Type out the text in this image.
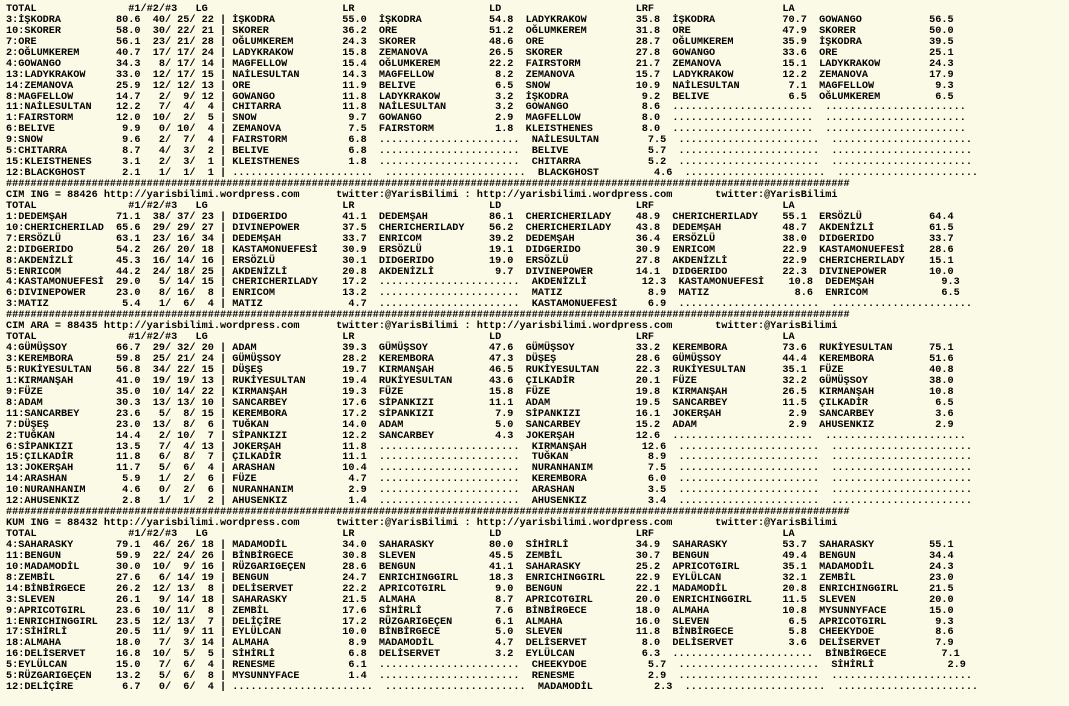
TOTAL               #1/#2/#3   LG                      LR                      LD                      LRF                     LA
3:İŞKODRA         80.6  40/ 25/ 22 | İŞKODRA           55.0  İŞKODRA           54.8  LADYKRAKOW        35.8  İŞKODRA           70.7  GOWANGO           56.5
10:SKORER         58.0  30/ 22/ 21 | SKORER            36.2  ORE               51.2  OĞLUMKEREM        31.8  ORE               47.9  SKORER            50.0
7:ORE             56.1  23/ 21/ 28 | OĞLUMKEREM        24.3  SKORER            48.6  ORE               28.7  OĞLUMKEREM        35.9  İŞKODRA           39.5
2:OĞLUMKEREM      40.7  17/ 17/ 24 | LADYKRAKOW        15.8  ZEMANOVA          26.5  SKORER            27.8  GOWANGO           33.6  ORE               25.1
4:GOWANGO         34.3   8/ 17/ 14 | MAGFELLOW         15.4  OĞLUMKEREM        22.2  FAIRSTORM         21.7  ZEMANOVA          15.1  LADYKRAKOW        24.3
13:LADYKRAKOW     33.0  12/ 17/ 15 | NAİLESULTAN       14.3  MAGFELLOW          8.2  ZEMANOVA          15.7  LADYKRAKOW        12.2  ZEMANOVA          17.9
14:ZEMANOVA       25.9  12/ 12/ 13 | ORE               11.9  BELIVE             6.5  SNOW              10.9  NAİLESULTAN        7.1  MAGFELLOW          9.3
8:MAGFELLOW       14.7   2/  9/ 12 | GOWANGO           11.8  LADYKRAKOW         3.2  İŞKODRA            9.2  BELIVE             6.5  OĞLUMKEREM         6.5
11:NAİLESULTAN    12.2   7/  4/  4 | CHITARRA          11.8  NAİLESULTAN        3.2  GOWANGO            8.6  .......................  .......................
1:FAIRSTORM       12.0  10/  2/  5 | SNOW               9.7  GOWANGO            2.9  MAGFELLOW          8.0  .......................  .......................
6:BELIVE           9.9   0/ 10/  4 | ZEMANOVA           7.5  FAIRSTORM          1.8  KLEISTHENES        8.0  .......................  .......................
9:SNOW             9.6   2/  7/  4 | FAIRSTORM          6.8  .......................  NAİLESULTAN        7.5  .......................  .......................
5:CHITARRA         8.7   4/  3/  2 | BELIVE             6.8  .......................  BELIVE             5.7  .......................  .......................
15:KLEISTHENES     3.1   2/  3/  1 | KLEISTHENES        1.8  .......................  CHITARRA           5.2  .......................  .......................
12:BLACKGHOST      2.1   1/  1/  1 | .......................  .......................  BLACKGHOST         4.6  .......................  .......................
##########################################################################################################################################
CIM ING = 88426 http://yarisbilimi.wordpress.com      twitter:@YarisBilimi : http://yarisbilimi.wordpress.com       twitter:@YarisBilimi
TOTAL               #1/#2/#3   LG                      LR                      LD                      LRF                     LA
1:DEDEMŞAH        71.1  38/ 37/ 23 | DIDGERIDO         41.1  DEDEMŞAH          86.1  CHERICHERILADY    48.9  CHERICHERILADY    55.1  ERSÖZLÜ           64.4
10:CHERICHERILAD  65.6  29/ 29/ 27 | DIVINEPOWER       37.5  CHERICHERILADY    56.2  CHERICHERILADY    43.8  DEDEMŞAH          48.7  AKDENİZLİ         61.5
7:ERSÖZLÜ         63.1  23/ 16/ 34 | DEDEMŞAH          33.7  ENRICOM           39.2  DEDEMŞAH          36.4  ERSÖZLÜ           38.0  DIDGERIDO         33.7
2:DIDGERIDO       54.2  26/ 20/ 18 | KASTAMONUEFESİ    30.9  ERSÖZLÜ           19.1  DIDGERIDO         30.9  ENRICOM           22.9  KASTAMONUEFESİ    28.6
8:AKDENİZLİ       45.3  16/ 14/ 16 | ERSÖZLÜ           30.1  DIDGERIDO         19.0  ERSÖZLÜ           27.8  AKDENİZLİ         22.9  CHERICHERILADY    15.1
5:ENRICOM         44.2  24/ 18/ 25 | AKDENİZLİ         20.8  AKDENİZLİ          9.7  DIVINEPOWER       14.1  DIDGERIDO         22.3  DIVINEPOWER       10.0
4:KASTAMONUEFESİ  29.0   5/ 14/ 15 | CHERICHERILADY    17.2  .......................  AKDENİZLİ         12.3  KASTAMONUEFESİ    10.8  DEDEMŞAH           9.3
6:DIVINEPOWER     23.0   8/ 16/  8 | ENRICOM           13.2  .......................  MATIZ              8.9  MATIZ              8.6  ENRICOM            6.5
3:MATIZ            5.4   1/  6/  4 | MATIZ              4.7  .......................  KASTAMONUEFESİ     6.9  .......................  .......................
##########################################################################################################################################
CIM ARA = 88435 http://yarisbilimi.wordpress.com      twitter:@YarisBilimi : http://yarisbilimi.wordpress.com       twitter:@YarisBilimi
TOTAL               #1/#2/#3   LG                      LR                      LD                      LRF                     LA
4:GÜMÜŞSOY        66.7  29/ 32/ 20 | ADAM              39.3  GÜMÜŞSOY          47.6  GÜMÜŞSOY          33.2  KEREMBORA         73.6  RUKİYESULTAN      75.1
3:KEREMBORA       59.8  25/ 21/ 24 | GÜMÜŞSOY          28.2  KEREMBORA         47.3  DÜŞEŞ             28.6  GÜMÜŞSOY          44.4  KEREMBORA         51.6
5:RUKİYESULTAN    56.8  34/ 22/ 15 | DÜŞEŞ             19.7  KIRMANŞAH         46.5  RUKİYESULTAN      22.3  RUKİYESULTAN      35.1  FÜZE              40.8
1:KIRMANŞAH       41.0  19/ 19/ 13 | RUKİYESULTAN      19.4  RUKİYESULTAN      43.6  ÇILKADİR          20.1  FÜZE              32.2  GÜMÜŞSOY          38.0
9:FÜZE            35.0  10/ 14/ 22 | KIRMANŞAH         19.3  FÜZE              15.8  FÜZE              19.8  KIRMANŞAH         26.5  KIRMANŞAH         10.8
8:ADAM            30.3  13/ 13/ 10 | SANCARBEY         17.6  SİPANKIZI         11.1  ADAM              19.5  SANCARBEY         11.5  ÇILKADİR           6.5
11:SANCARBEY      23.6   5/  8/ 15 | KEREMBORA         17.2  SİPANKIZI          7.9  SİPANKIZI         16.1  JOKERŞAH           2.9  SANCARBEY          3.6
7:DÜŞEŞ           23.0  13/  8/  6 | TUĞKAN            14.0  ADAM               5.0  SANCARBEY         15.2  ADAM               2.9  AHUSENKIZ          2.9
2:TUĞKAN          14.4   2/ 10/  7 | SİPANKIZI         12.2  SANCARBEY          4.3  JOKERŞAH          12.6  .......................  .......................
6:SİPANKIZI       13.5   7/  4/ 13 | JOKERŞAH          11.8  .......................  KIRMANŞAH         12.6  .......................  .......................
15:ÇILKADİR       11.8   6/  8/  7 | ÇILKADİR          11.1  .......................  TUĞKAN             8.9  .......................  .......................
13:JOKERŞAH       11.7   5/  6/  4 | ARASHAN           10.4  .......................  NURANHANIM         7.5  .......................  .......................
14:ARASHAN         5.9   1/  2/  6 | FÜZE               4.7  .......................  KEREMBORA          6.0  .......................  .......................
10:NURANHANIM      4.6   0/  2/  6 | NURANHANIM         2.9  .......................  ARASHAN            3.5  .......................  .......................
12:AHUSENKIZ       2.8   1/  1/  2 | AHUSENKIZ          1.4  .......................  AHUSENKIZ          3.4  .......................  .......................
##########################################################################################################################################
KUM ING = 88432 http://yarisbilimi.wordpress.com      twitter:@YarisBilimi : http://yarisbilimi.wordpress.com       twitter:@YarisBilimi
TOTAL               #1/#2/#3   LG                      LR                      LD                      LRF                     LA
4:SAHARASKY       79.1  46/ 26/ 18 | MADAMODİL         34.0  SAHARASKY         80.0  SİHİRLİ           34.9  SAHARASKY         53.7  SAHARASKY         55.1
11:BENGUN         59.9  22/ 24/ 26 | BİNBİRGECE        30.8  SLEVEN            45.5  ZEMBİL            30.7  BENGUN            49.4  BENGUN            34.4
10:MADAMODİL      30.0  10/  9/ 16 | RÜZGARIGEÇEN      28.6  BENGUN            41.1  SAHARASKY         25.2  APRICOTGIRL       35.1  MADAMODİL         24.3
8:ZEMBİL          27.6   6/ 14/ 19 | BENGUN            24.7  ENRICHINGGIRL     18.3  ENRICHINGGIRL     22.9  EYLÜLCAN          32.1  ZEMBİL            23.0
14:BİNBİRGECE     26.2  12/ 13/  8 | DELİSERVET        22.2  APRICOTGIRL        9.0  BENGUN            22.1  MADAMODİL         20.8  ENRICHINGGIRL     21.5
3:SLEVEN          26.1   9/ 14/ 18 | SAHARASKY         21.5  ALMAHA             8.7  APRICOTGIRL       20.0  ENRICHINGGIRL     11.5  SLEVEN            20.0
9:APRICOTGIRL     23.6  10/ 11/  8 | ZEMBİL            17.6  SİHİRLİ            7.6  BİNBİRGECE        18.0  ALMAHA            10.8  MYSUNNYFACE       15.0
1:ENRICHINGGIRL   23.5  12/ 13/  7 | DELİÇİRE          17.2  RÜZGARIGEÇEN       6.1  ALMAHA            16.0  SLEVEN             6.5  APRICOTGIRL        9.3
17:SİHİRLİ        20.5  11/  9/ 11 | EYLÜLCAN          10.0  BİNBİRGECE         5.0  SLEVEN            11.8  BİNBİRGECE         5.8  CHEEKYDOE          8.6
18:ALMAHA         18.0   7/  3/ 14 | ALMAHA             8.9  MADAMODİL          4.7  DELİSERVET         8.0  DELİSERVET         3.6  DELİSERVET         7.9
16:DELİSERVET     16.8  10/  5/  5 | SİHİRLİ            6.8  DELİSERVET         3.2  EYLÜLCAN           6.3  .......................  BİNBİRGECE         7.1
5:EYLÜLCAN        15.0   7/  6/  4 | RENESME            6.1  .......................  CHEEKYDOE          5.7  .......................  SİHİRLİ            2.9
5:RÜZGARIGEÇEN    13.2   5/  6/  8 | MYSUNNYFACE        1.4  .......................  RENESME            2.9  .......................  .......................
12:DELİÇİRE        6.7   0/  6/  4 | .......................  .......................  MADAMODİL          2.3  .......................  .......................
